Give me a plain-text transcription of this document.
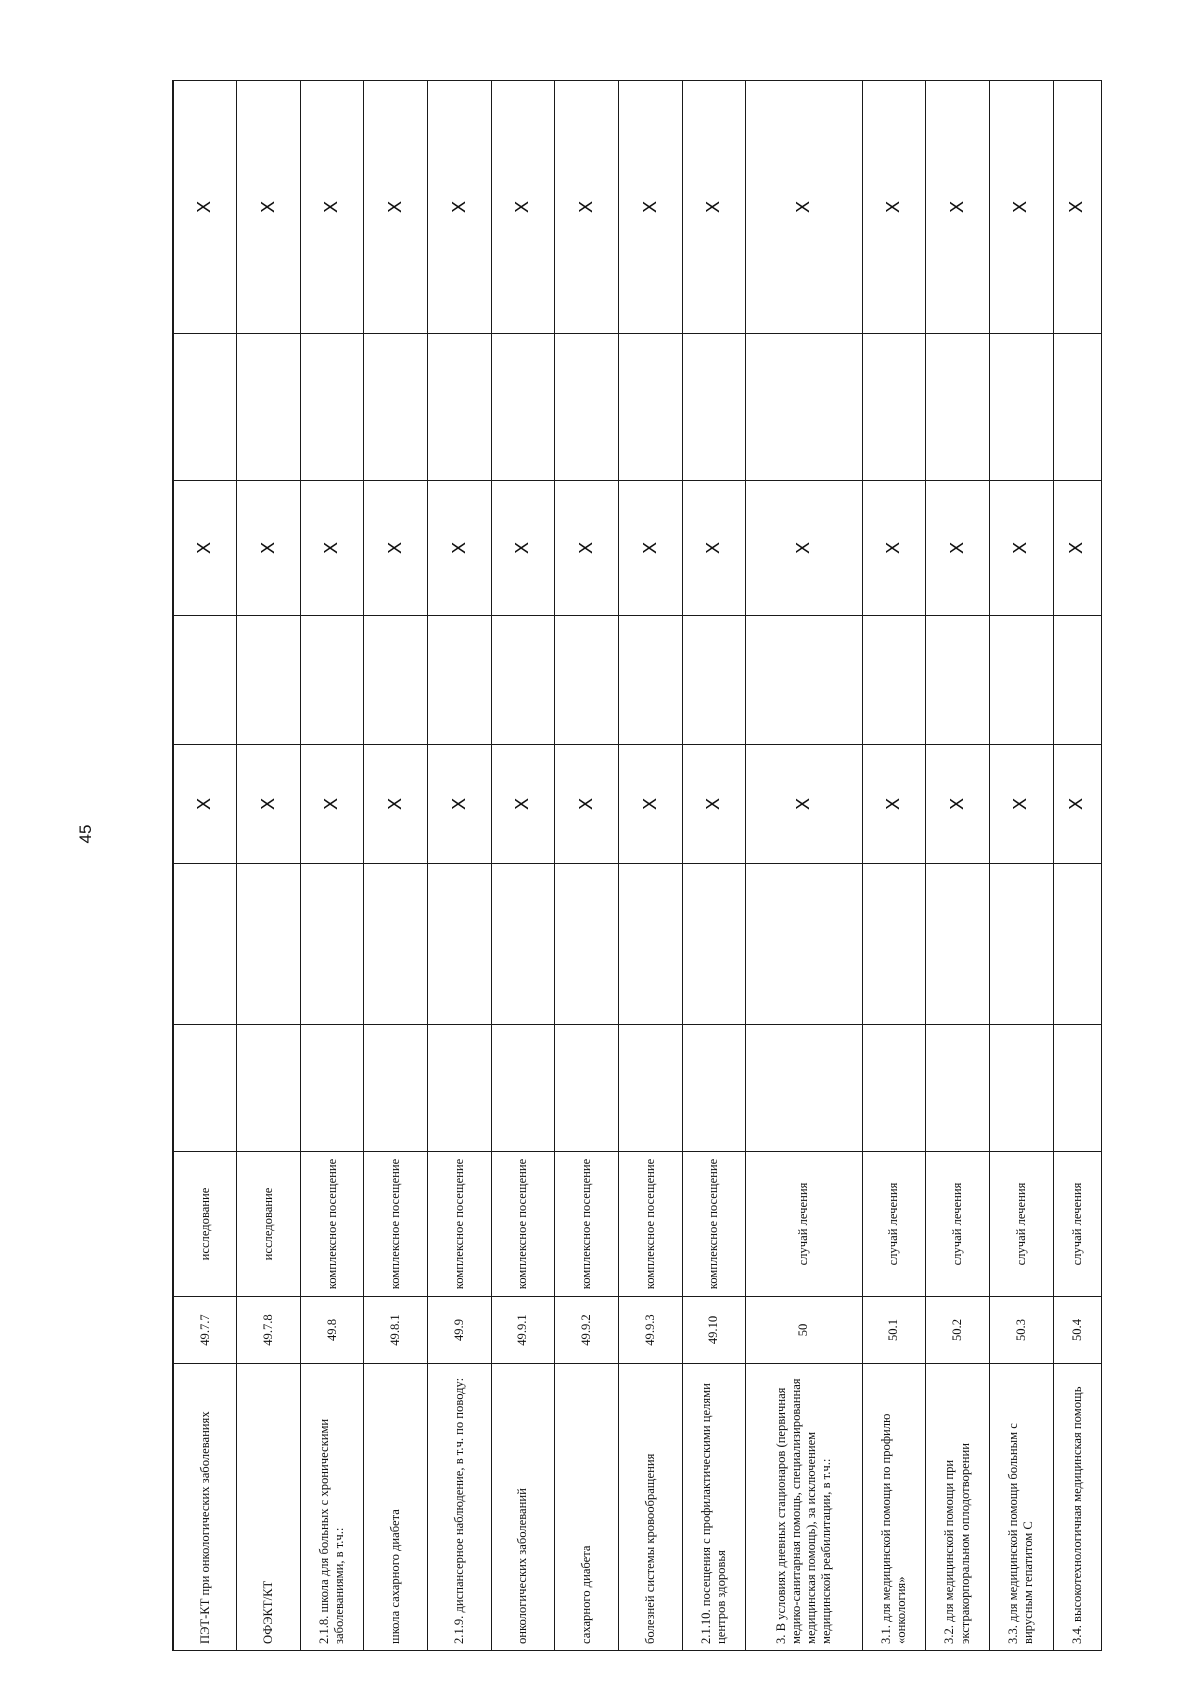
45
ПЭТ-КТ при онкологических заболеваниях	49.7.7	исследование			X		X		X
ОФЭКТ/КТ	49.7.8	исследование			X		X		X
2.1.8. школа для больных с хроническими заболеваниями, в т.ч.:	49.8	комплексное посещение			X		X		X
школа сахарного диабета	49.8.1	комплексное посещение			X		X		X
2.1.9. диспансерное наблюдение, в т.ч. по поводу:	49.9	комплексное посещение			X		X		X
онкологических заболеваний	49.9.1	комплексное посещение			X		X		X
сахарного диабета	49.9.2	комплексное посещение			X		X		X
болезней системы кровообращения	49.9.3	комплексное посещение			X		X		X
2.1.10. посещения с профилактическими целями центров здоровья	49.10	комплексное посещение			X		X		X
3. В условиях дневных стационаров (первичная медико-санитарная помощь, специализированная медицинская помощь), за исключением медицинской реабилитации, в т.ч.:	50	случай лечения			X		X		X
3.1. для медицинской помощи по профилю «онкология»	50.1	случай лечения			X		X		X
3.2. для медицинской помощи при экстракорпоральном оплодотворении	50.2	случай лечения			X		X		X
3.3. для медицинской помощи больным с вирусным гепатитом С	50.3	случай лечения			X		X		X
3.4. высокотехнологичная медицинская помощь	50.4	случай лечения			X		X		X
